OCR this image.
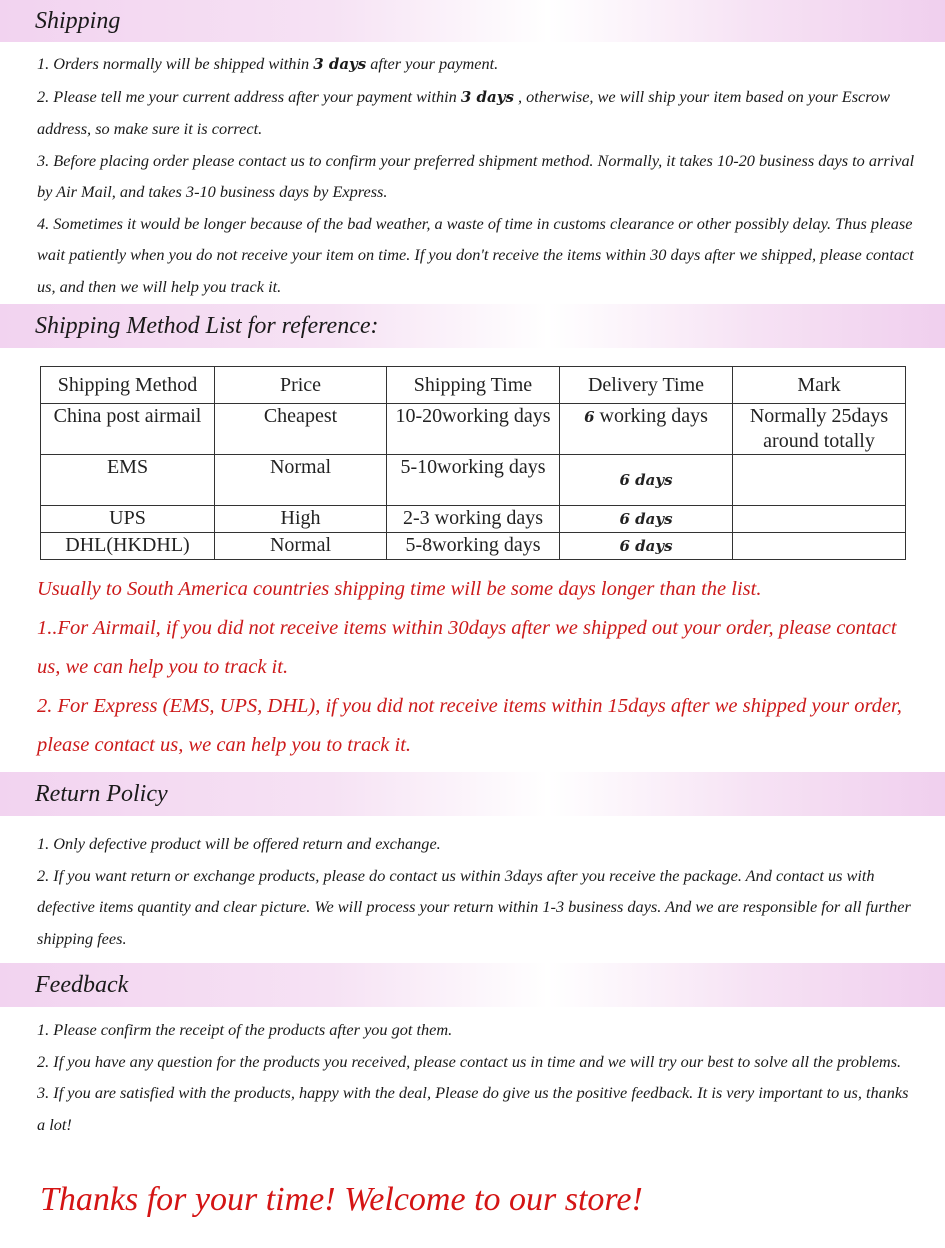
Shipping

1. Orders normally will be shipped within 3 days after your payment.

2. Please tell me your current address after your payment within 3 days , otherwise, we will ship your item based on your Escrow address, so make sure it is correct.

3. Before placing order please contact us to confirm your preferred shipment method. Normally, it takes 10-20 business days to arrival by Air Mail, and takes 3-10 business days by Express.

4. Sometimes it would be longer because of the bad weather, a waste of time in customs clearance or other possibly delay. Thus please wait patiently when you do not receive your item on time. If you don't receive the items within 30 days after we shipped, please contact us, and then we will help you track it.

Shipping Method List for reference:
Shipping Method	Price	Shipping Time	Delivery Time	Mark
China post airmail	Cheapest	10-20working days	6 working days	Normally 25days around totally
EMS	Normal	5-10working days	6 days	
UPS	High	2-3 working days	6 days	
DHL(HKDHL)	Normal	5-8working days	6 days	

Usually to South America countries shipping time will be some days longer than the list.

1..For Airmail, if you did not receive items within 30days after we shipped out your order, please contact us, we can help you to track it.

2. For Express (EMS, UPS, DHL), if you did not receive items within 15days after we shipped your order, please contact us, we can help you to track it.

Return Policy

1. Only defective product will be offered return and exchange.

2. If you want return or exchange products, please do contact us within 3days after you receive the package. And contact us with defective items quantity and clear picture. We will process your return within 1-3 business days. And we are responsible for all further shipping fees.

Feedback

1. Please confirm the receipt of the products after you got them.

2. If you have any question for the products you received, please contact us in time and we will try our best to solve all the problems.

3. If you are satisfied with the products, happy with the deal, Please do give us the positive feedback. It is very important to us, thanks a lot!

Thanks for your time! Welcome to our store!
